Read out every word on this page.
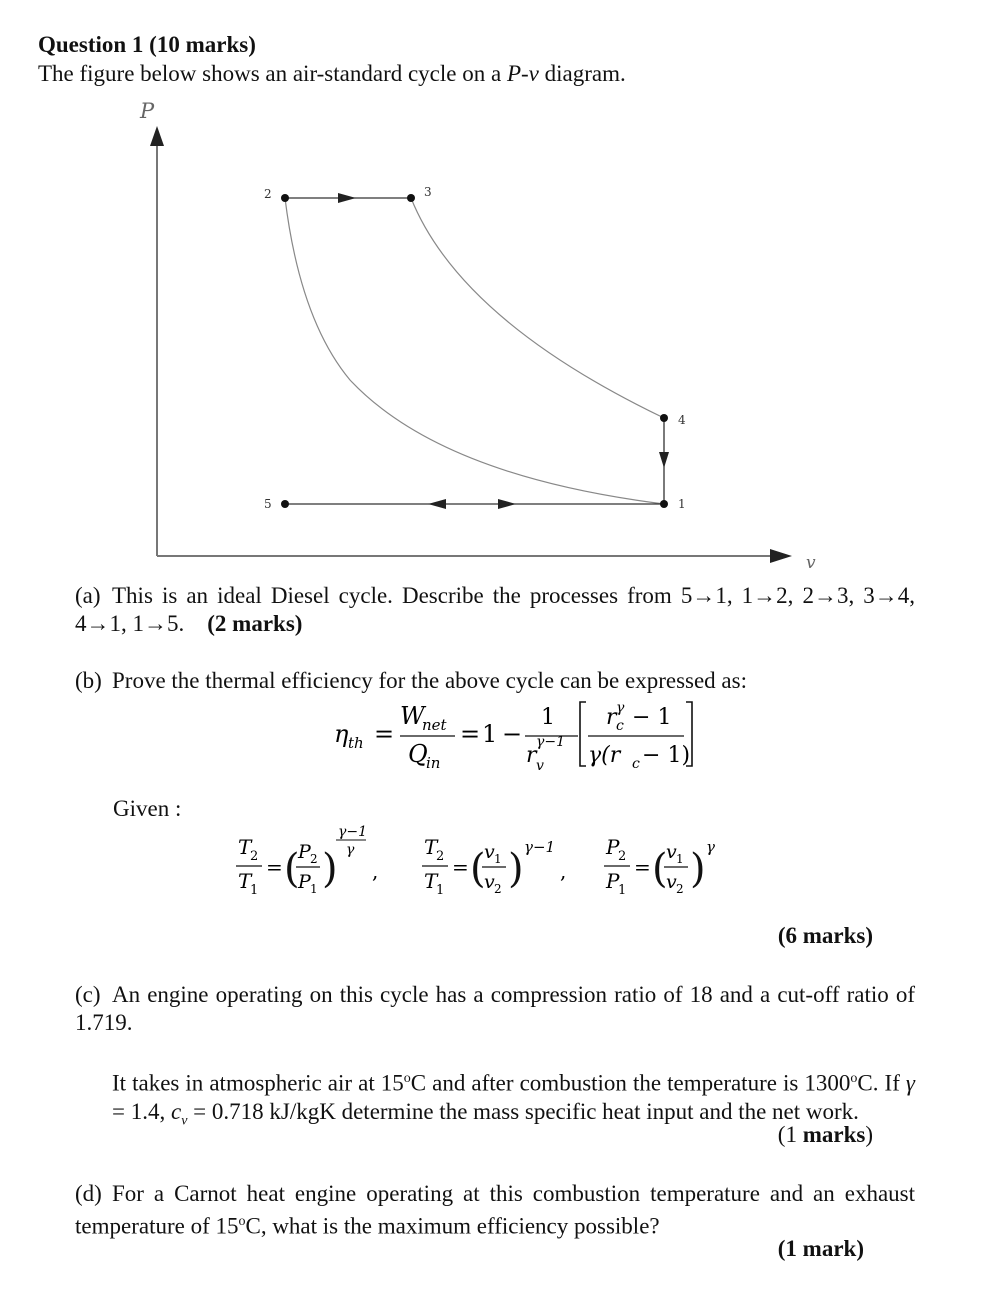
Question 1 (10 marks)
The figure below shows an air-standard cycle on a P-v diagram.
P
v
1
2	3
4
5
(a) This is an ideal Diesel cycle. Describe the processes from 5→1, 1→2, 2→3, 3→4, 4→1, 1→5. (2 marks)
(b) Prove the thermal efficiency for the above cycle can be expressed as:
η th =
W
net
Q
in
= 1 −
1
r
γ−1
v
r γ
c − 1
γ(r c − 1)
Given :
T
2
T
1
= (
P 2
P 1 )
γ−1
γ
,
T
2
T
1
= (
v 1
v 2 ) γ−1
,
P
2
P
1
= (
v 1
v 2 ) γ
(6 marks)
(c) An engine operating on this cycle has a compression ratio of 18 and a cut-off ratio of 1.719.
It takes in atmospheric air at 15$^o$C and after combustion the temperature is 1300$^o$C. If γ = 1.4, $c_v = 0.718$ kJ/kgK determine the mass specific heat input and the net work.
(1 marks)
(d) For a Carnot heat engine operating at this combustion temperature and an exhaust temperature of 15$^o$C, what is the maximum efficiency possible?
(1 mark)
